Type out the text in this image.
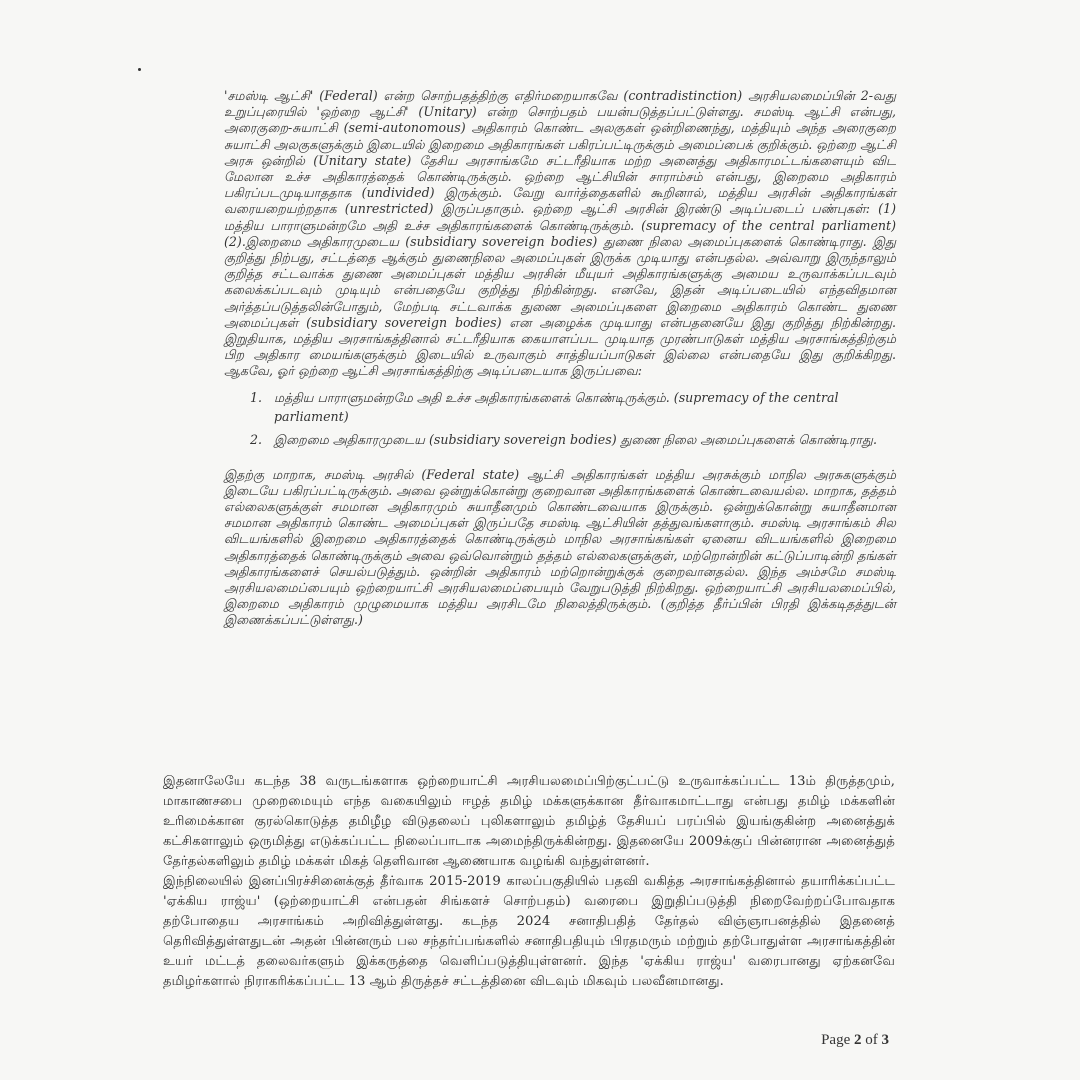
'சமஸ்டி ஆட்சி' (Federal) என்ற சொற்பதத்திற்கு எதிர்மறையாகவே (contradistinction) அரசியலமைப்பின் 2-வது உறுப்புரையில் 'ஒற்றை ஆட்சி' (Unitary) என்ற சொற்பதம் பயன்படுத்தப்பட்டுள்ளது. சமஸ்டி ஆட்சி என்பது, அரைகுறை-சுயாட்சி (semi-autonomous) அதிகாரம் கொண்ட அலகுகள் ஒன்றிணைந்து, மத்தியும் அந்த அரைகுறை சுயாட்சி அலகுகளுக்கும் இடையில் இறைமை அதிகாரங்கள் பகிரப்பட்டிருக்கும் அமைப்பைக் குறிக்கும். ஒற்றை ஆட்சி அரசு ஒன்றில் (Unitary state) தேசிய அரசாங்கமே சட்டரீதியாக மற்ற அனைத்து அதிகாரமட்டங்களையும் விட மேலான உச்ச அதிகாரத்தைக் கொண்டிருக்கும். ஒற்றை ஆட்சியின் சாராம்சம் என்பது, இறைமை அதிகாரம் பகிரப்படமுடியாததாக (undivided) இருக்கும். வேறு வார்த்தைகளில் கூறினால், மத்திய அரசின் அதிகாரங்கள் வரையறையற்றதாக (unrestricted) இருப்பதாகும். ஒற்றை ஆட்சி அரசின் இரண்டு அடிப்படைப் பண்புகள்: (1) மத்திய பாராளுமன்றமே அதி உச்ச அதிகாரங்களைக் கொண்டிருக்கும். (supremacy of the central parliament) (2).இறைமை அதிகாரமுடைய (subsidiary sovereign bodies) துணை நிலை அமைப்புகளைக் கொண்டிராது. இது குறித்து நிற்பது, சட்டத்தை ஆக்கும் துணைநிலை அமைப்புகள் இருக்க முடியாது என்பதல்ல. அவ்வாறு இருந்தாலும் குறித்த சட்டவாக்க துணை அமைப்புகள் மத்திய அரசின் மீயுயர் அதிகாரங்களுக்கு அமைய உருவாக்கப்படவும் கலைக்கப்படவும் முடியும் என்பதையே குறித்து நிற்கின்றது. எனவே, இதன் அடிப்படையில் எந்தவிதமான அர்த்தப்படுத்தலின்போதும், மேற்படி சட்டவாக்க துணை அமைப்புகளை இறைமை அதிகாரம் கொண்ட துணை அமைப்புகள் (subsidiary sovereign bodies) என அழைக்க முடியாது என்பதனையே இது குறித்து நிற்கின்றது. இறுதியாக, மத்திய அரசாங்கத்தினால் சட்டரீதியாக கையாளப்பட முடியாத முரண்பாடுகள் மத்திய அரசாங்கத்திற்கும் பிற அதிகார மையங்களுக்கும் இடையில் உருவாகும் சாத்தியப்பாடுகள் இல்லை என்பதையே இது குறிக்கிறது. ஆகவே, ஓர் ஒற்றை ஆட்சி அரசாங்கத்திற்கு அடிப்படையாக இருப்பவை:

1. மத்திய பாராளுமன்றமே அதி உச்ச அதிகாரங்களைக் கொண்டிருக்கும். (supremacy of the central parliament)
2. இறைமை அதிகாரமுடைய (subsidiary sovereign bodies) துணை நிலை அமைப்புகளைக் கொண்டிராது.

இதற்கு மாறாக, சமஸ்டி அரசில் (Federal state) ஆட்சி அதிகாரங்கள் மத்திய அரசுக்கும் மாநில அரசுகளுக்கும் இடையே பகிரப்பட்டிருக்கும். அவை ஒன்றுக்கொன்று குறைவான அதிகாரங்களைக் கொண்டவையல்ல. மாறாக, தத்தம் எல்லைகளுக்குள் சமமான அதிகாரமும் சுயாதீனமும் கொண்டவையாக இருக்கும். ஒன்றுக்கொன்று சுயாதீனமான சமமான அதிகாரம் கொண்ட அமைப்புகள் இருப்பதே சமஸ்டி ஆட்சியின் தத்துவங்களாகும். சமஸ்டி அரசாங்கம் சில விடயங்களில் இறைமை அதிகாரத்தைக் கொண்டிருக்கும் மாநில அரசாங்கங்கள் ஏனைய விடயங்களில் இறைமை அதிகாரத்தைக் கொண்டிருக்கும் அவை ஒவ்வொன்றும் தத்தம் எல்லைகளுக்குள், மற்றொன்றின் கட்டுப்பாடின்றி தங்கள் அதிகாரங்களைச் செயல்படுத்தும். ஒன்றின் அதிகாரம் மற்றொன்றுக்குக் குறைவானதல்ல. இந்த அம்சமே சமஸ்டி அரசியலமைப்பையும் ஒற்றையாட்சி அரசியலமைப்பையும் வேறுபடுத்தி நிற்கிறது. ஒற்றையாட்சி அரசியலமைப்பில், இறைமை அதிகாரம் முழுமையாக மத்திய அரசிடமே நிலைத்திருக்கும். (குறித்த தீர்ப்பின் பிரதி இக்கடிதத்துடன் இணைக்கப்பட்டுள்ளது.)

இதனாலேயே கடந்த 38 வருடங்களாக ஒற்றையாட்சி அரசியலமைப்பிற்குட்பட்டு உருவாக்கப்பட்ட 13ம் திருத்தமும், மாகாணசபை முறைமையும் எந்த வகையிலும் ஈழத் தமிழ் மக்களுக்கான தீர்வாகமாட்டாது என்பது தமிழ் மக்களின் உரிமைக்கான குரல்கொடுத்த தமிழீழ விடுதலைப் புலிகளாலும் தமிழ்த் தேசியப் பரப்பில் இயங்குகின்ற அனைத்துக் கட்சிகளாலும் ஒருமித்து எடுக்கப்பட்ட நிலைப்பாடாக அமைந்திருக்கின்றது. இதனையே 2009க்குப் பின்னரான அனைத்துத் தேர்தல்களிலும் தமிழ் மக்கள் மிகத் தெளிவான ஆணையாக வழங்கி வந்துள்ளனர்.

இந்நிலையில் இனப்பிரச்சினைக்குத் தீர்வாக 2015-2019 காலப்பகுதியில் பதவி வகித்த அரசாங்கத்தினால் தயாரிக்கப்பட்ட 'ஏக்கிய ராஜ்ய' (ஒற்றையாட்சி என்பதன் சிங்களச் சொற்பதம்) வரைபை இறுதிப்படுத்தி நிறைவேற்றப்போவதாக தற்போதைய அரசாங்கம் அறிவித்துள்ளது. கடந்த 2024 சனாதிபதித் தேர்தல் விஞ்ஞாபனத்தில் இதனைத் தெரிவித்துள்ளதுடன் அதன் பின்னரும் பல சந்தர்ப்பங்களில் சனாதிபதியும் பிரதமரும் மற்றும் தற்போதுள்ள அரசாங்கத்தின் உயர் மட்டத் தலைவர்களும் இக்கருத்தை வெளிப்படுத்தியுள்ளனர். இந்த 'ஏக்கிய ராஜ்ய' வரைபானது ஏற்கனவே தமிழர்களால் நிராகரிக்கப்பட்ட 13 ஆம் திருத்தச் சட்டத்தினை விடவும் மிகவும் பலவீனமானது.

Page 2 of 3
